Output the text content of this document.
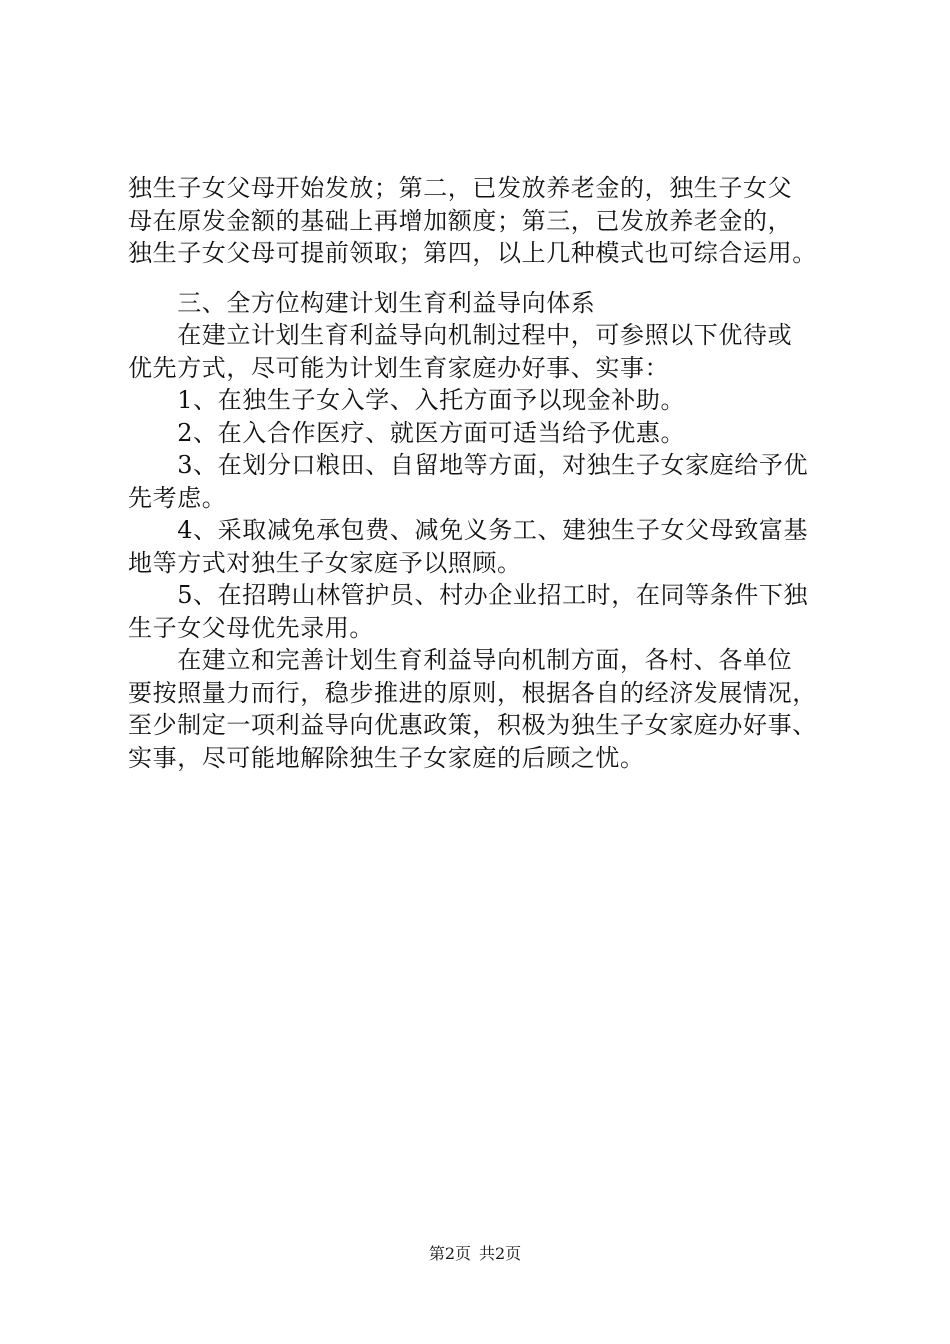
独生子女父母开始发放；第二，已发放养老金的，独生子女父
母在原发金额的基础上再增加额度；第三，已发放养老金的，
独生子女父母可提前领取；第四，以上几种模式也可综合运用。
　　三、全方位构建计划生育利益导向体系
　　在建立计划生育利益导向机制过程中，可参照以下优待或
优先方式，尽可能为计划生育家庭办好事、实事：
　　1、在独生子女入学、入托方面予以现金补助。
　　2、在入合作医疗、就医方面可适当给予优惠。
　　3、在划分口粮田、自留地等方面，对独生子女家庭给予优
先考虑。
　　4、采取减免承包费、减免义务工、建独生子女父母致富基
地等方式对独生子女家庭予以照顾。
　　5、在招聘山林管护员、村办企业招工时，在同等条件下独
生子女父母优先录用。
　　在建立和完善计划生育利益导向机制方面，各村、各单位
要按照量力而行，稳步推进的原则，根据各自的经济发展情况，
至少制定一项利益导向优惠政策，积极为独生子女家庭办好事、
实事，尽可能地解除独生子女家庭的后顾之忧。
第2页 共2页
